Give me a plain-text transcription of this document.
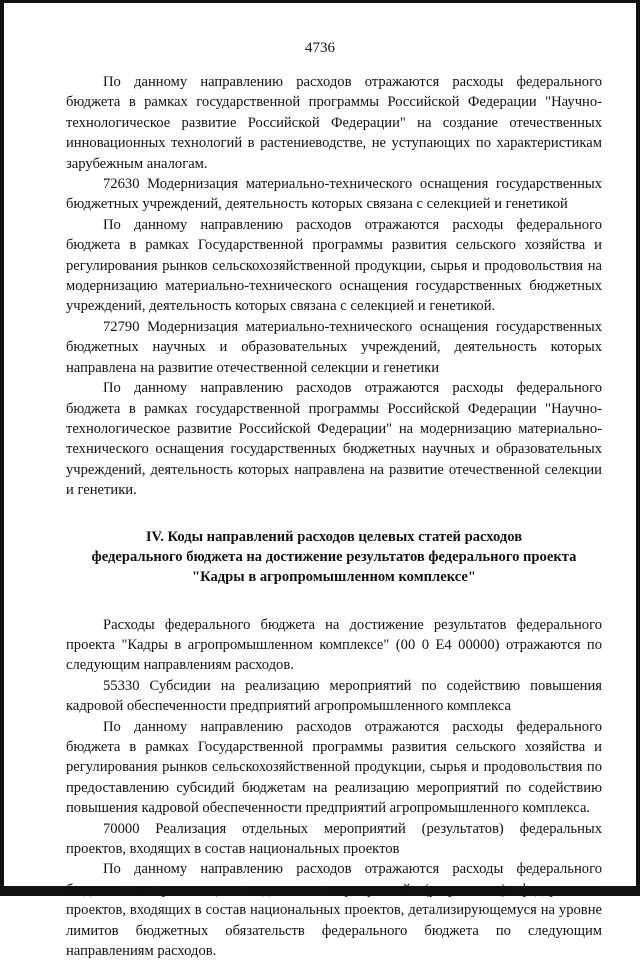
4736

По данному направлению расходов отражаются расходы федерального бюджета в рамках государственной программы Российской Федерации "Научно-технологическое развитие Российской Федерации" на создание отечественных инновационных технологий в растениеводстве, не уступающих по характеристикам зарубежным аналогам.

72630 Модернизация материально-технического оснащения государственных бюджетных учреждений, деятельность которых связана с селекцией и генетикой

По данному направлению расходов отражаются расходы федерального бюджета в рамках Государственной программы развития сельского хозяйства и регулирования рынков сельскохозяйственной продукции, сырья и продовольствия на модернизацию материально-технического оснащения государственных бюджетных учреждений, деятельность которых связана с селекцией и генетикой.

72790 Модернизация материально-технического оснащения государственных бюджетных научных и образовательных учреждений, деятельность которых направлена на развитие отечественной селекции и генетики

По данному направлению расходов отражаются расходы федерального бюджета в рамках государственной программы Российской Федерации "Научно-технологическое развитие Российской Федерации" на модернизацию материально-технического оснащения государственных бюджетных научных и образовательных учреждений, деятельность которых направлена на развитие отечественной селекции и генетики.

IV. Коды направлений расходов целевых статей расходов
федерального бюджета на достижение результатов федерального проекта
"Кадры в агропромышленном комплексе"

Расходы федерального бюджета на достижение результатов федерального проекта "Кадры в агропромышленном комплексе" (00 0 Е4 00000) отражаются по следующим направлениям расходов.

55330 Субсидии на реализацию мероприятий по содействию повышения кадровой обеспеченности предприятий агропромышленного комплекса

По данному направлению расходов отражаются расходы федерального бюджета в рамках Государственной программы развития сельского хозяйства и регулирования рынков сельскохозяйственной продукции, сырья и продовольствия по предоставлению субсидий бюджетам на реализацию мероприятий по содействию повышения кадровой обеспеченности предприятий агропромышленного комплекса.

70000 Реализация отдельных мероприятий (результатов) федеральных проектов, входящих в состав национальных проектов

По данному направлению расходов отражаются расходы федерального бюджета на реализацию отдельных мероприятий (результатов) федеральных проектов, входящих в состав национальных проектов, детализирующемуся на уровне лимитов бюджетных обязательств федерального бюджета по следующим направлениям расходов.
